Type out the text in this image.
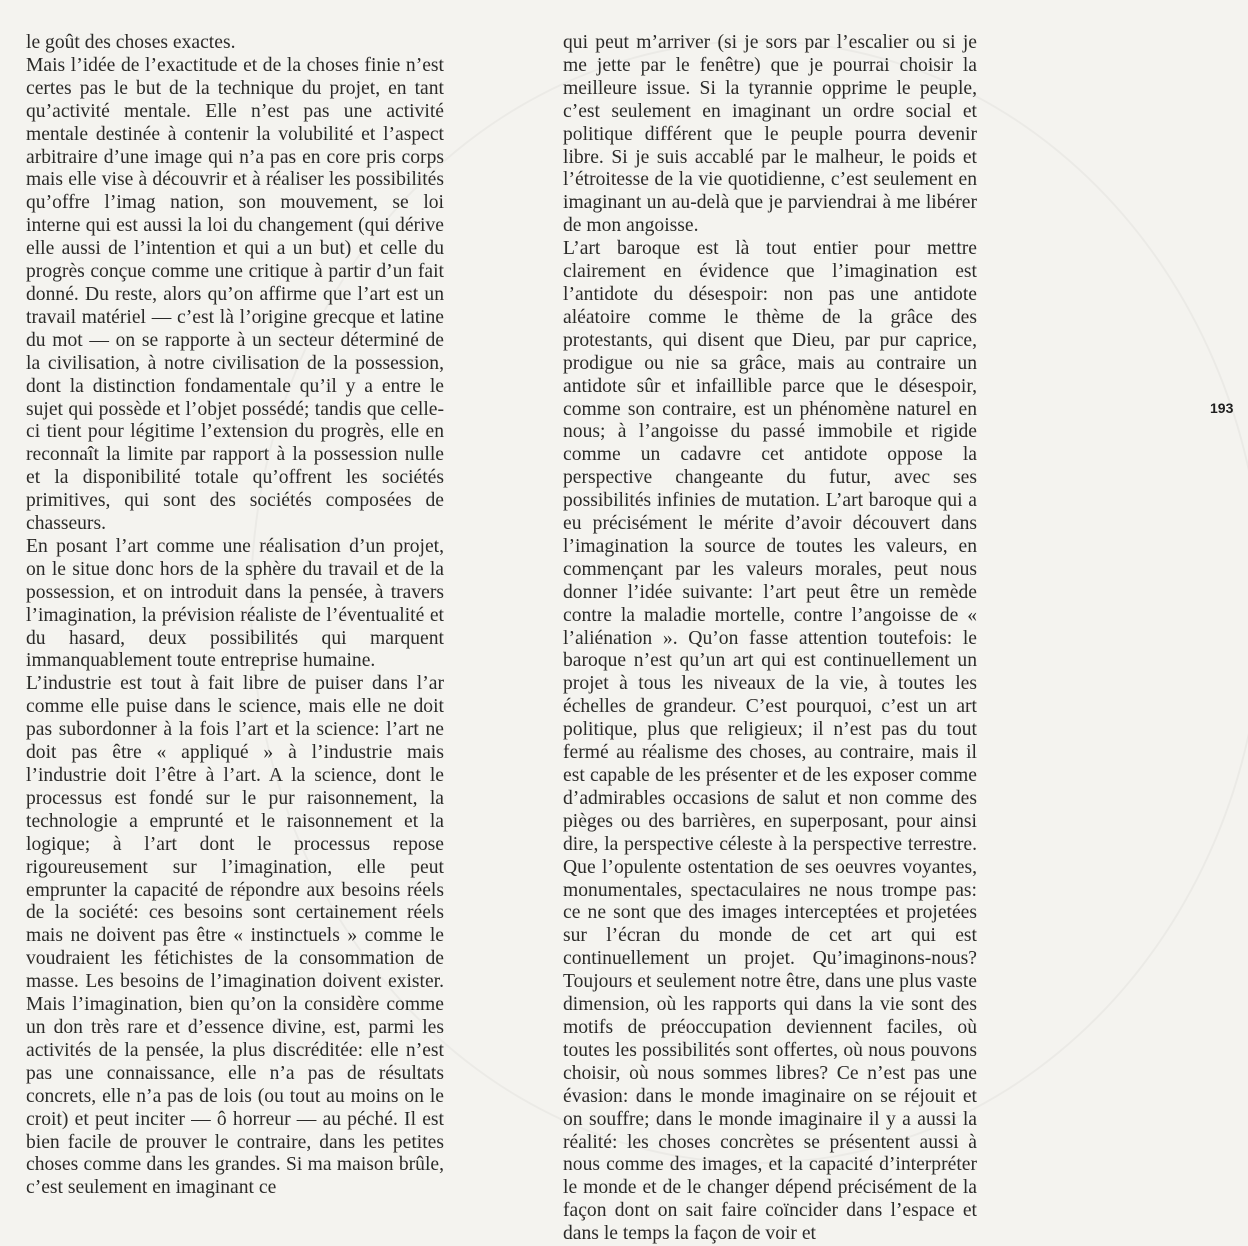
le goût des choses exactes.

Mais l’idée de l’exactitude et de la choses finie n’est certes pas le but de la technique du projet, en tant qu’activité mentale. Elle n’est pas une activité mentale destinée à contenir la volubilité et l’aspect arbitraire d’une image qui n’a pas en core pris corps mais elle vise à découvrir et à réaliser les possibilités qu’offre l’imag nation, son mouvement, se loi interne qui est aussi la loi du changement (qui dérive elle aussi de l’intention et qui a un but) et celle du progrès conçue comme une critique à partir d’un fait donné. Du reste, alors qu’on affirme que l’art est un travail matériel — c’est là l’origine grecque et latine du mot — on se rapporte à un secteur déterminé de la civilisation, à notre civilisation de la possession, dont la distinction fondamentale qu’il y a entre le sujet qui possède et l’objet possédé; tandis que celle-ci tient pour légitime l’extension du progrès, elle en reconnaît la limite par rapport à la possession nulle et la disponibilité totale qu’offrent les sociétés primitives, qui sont des sociétés composées de chasseurs.

En posant l’art comme une réalisation d’un projet, on le situe donc hors de la sphère du travail et de la possession, et on introduit dans la pensée, à travers l’imagination, la prévision réaliste de l’éventualité et du hasard, deux possibilités qui marquent immanquablement toute entreprise humaine.

L’industrie est tout à fait libre de puiser dans l’ar comme elle puise dans le science, mais elle ne doit pas subordonner à la fois l’art et la science: l’art ne doit pas être « appliqué » à l’industrie mais l’industrie doit l’être à l’art. A la science, dont le processus est fondé sur le pur raisonnement, la technologie a emprunté et le raisonnement et la logique; à l’art dont le processus repose rigoureusement sur l’imagination, elle peut emprunter la capacité de répondre aux besoins réels de la société: ces besoins sont certainement réels mais ne doivent pas être « instinctuels » comme le voudraient les fétichistes de la consommation de masse. Les besoins de l’imagination doivent exister. Mais l’imagination, bien qu’on la considère comme un don très rare et d’essence divine, est, parmi les activités de la pensée, la plus discréditée: elle n’est pas une connaissance, elle n’a pas de résultats concrets, elle n’a pas de lois (ou tout au moins on le croit) et peut inciter — ô horreur — au péché. Il est bien facile de prouver le contraire, dans les petites choses comme dans les grandes. Si ma maison brûle, c’est seulement en imaginant ce

qui peut m’arriver (si je sors par l’escalier ou si je me jette par le fenêtre) que je pourrai choisir la meilleure issue. Si la tyrannie opprime le peuple, c’est seulement en imaginant un ordre social et politique différent que le peuple pourra devenir libre. Si je suis accablé par le malheur, le poids et l’étroitesse de la vie quotidienne, c’est seulement en imaginant un au-delà que je parviendrai à me libérer de mon angoisse.

L’art baroque est là tout entier pour mettre clairement en évidence que l’imagination est l’antidote du désespoir: non pas une antidote aléatoire comme le thème de la grâce des protestants, qui disent que Dieu, par pur caprice, prodigue ou nie sa grâce, mais au contraire un antidote sûr et infaillible parce que le désespoir, comme son contraire, est un phénomène naturel en nous; à l’angoisse du passé immobile et rigide comme un cadavre cet antidote oppose la perspective changeante du futur, avec ses possibilités infinies de mutation. L’art baroque qui a eu précisément le mérite d’avoir découvert dans l’imagination la source de toutes les valeurs, en commençant par les valeurs morales, peut nous donner l’idée suivante: l’art peut être un remède contre la maladie mortelle, contre l’angoisse de « l’aliénation ». Qu’on fasse attention toutefois: le baroque n’est qu’un art qui est continuellement un projet à tous les niveaux de la vie, à toutes les échelles de grandeur. C’est pourquoi, c’est un art politique, plus que religieux; il n’est pas du tout fermé au réalisme des choses, au contraire, mais il est capable de les présenter et de les exposer comme d’admirables occasions de salut et non comme des pièges ou des barrières, en superposant, pour ainsi dire, la perspective céleste à la perspective terrestre. Que l’opulente ostentation de ses oeuvres voyantes, monumentales, spectaculaires ne nous trompe pas: ce ne sont que des images interceptées et projetées sur l’écran du monde de cet art qui est continuellement un projet. Qu’imaginons-nous? Toujours et seulement notre être, dans une plus vaste dimension, où les rapports qui dans la vie sont des motifs de préoccupation deviennent faciles, où toutes les possibilités sont offertes, où nous pouvons choisir, où nous sommes libres? Ce n’est pas une évasion: dans le monde imaginaire on se réjouit et on souffre; dans le monde imaginaire il y a aussi la réalité: les choses concrètes se présentent aussi à nous comme des images, et la capacité d’interpréter le monde et de le changer dépend précisément de la façon dont on sait faire coïncider dans l’espace et dans le temps la façon de voir et

193
